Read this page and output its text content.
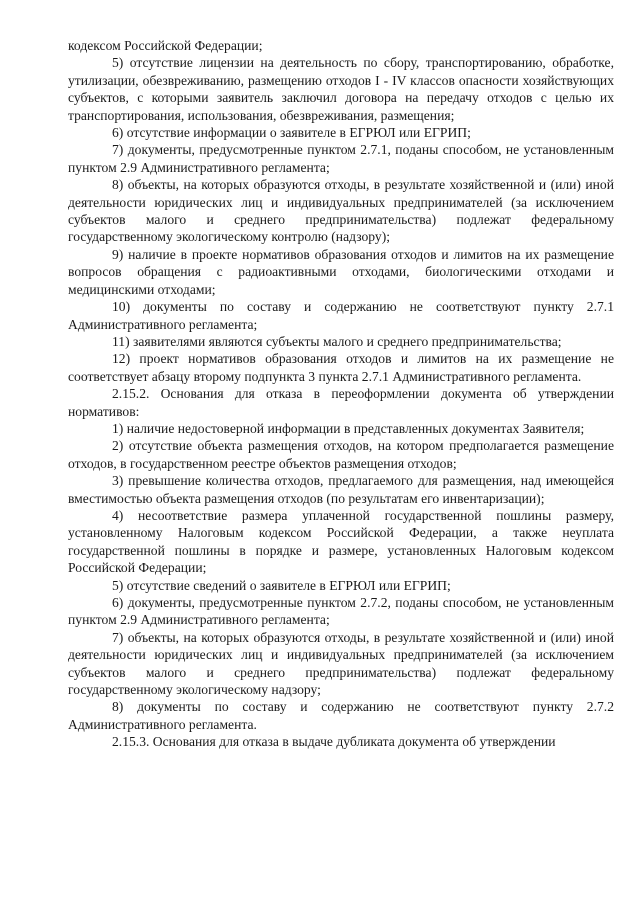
кодексом Российской Федерации;

5) отсутствие лицензии на деятельность по сбору, транспортированию, обработке, утилизации, обезвреживанию, размещению отходов I - IV классов опасности хозяйствующих субъектов, с которыми заявитель заключил договора на передачу отходов с целью их транспортирования, использования, обезвреживания, размещения;

6) отсутствие информации о заявителе в ЕГРЮЛ или ЕГРИП;

7) документы, предусмотренные пунктом 2.7.1, поданы способом, не установленным пунктом 2.9 Административного регламента;

8) объекты, на которых образуются отходы, в результате хозяйственной и (или) иной деятельности юридических лиц и индивидуальных предпринимателей (за исключением субъектов малого и среднего предпринимательства) подлежат федеральному государственному экологическому контролю (надзору);

9) наличие в проекте нормативов образования отходов и лимитов на их размещение вопросов обращения с радиоактивными отходами, биологическими отходами и медицинскими отходами;

10) документы по составу и содержанию не соответствуют пункту 2.7.1 Административного регламента;

11) заявителями являются субъекты малого и среднего предпринимательства;

12) проект нормативов образования отходов и лимитов на их размещение не соответствует абзацу второму подпункта 3 пункта 2.7.1 Административного регламента.

2.15.2. Основания для отказа в переоформлении документа об утверждении нормативов:

1) наличие недостоверной информации в представленных документах Заявителя;

2) отсутствие объекта размещения отходов, на котором предполагается размещение отходов, в государственном реестре объектов размещения отходов;

3) превышение количества отходов, предлагаемого для размещения, над имеющейся вместимостью объекта размещения отходов (по результатам его инвентаризации);

4) несоответствие размера уплаченной государственной пошлины размеру, установленному Налоговым кодексом Российской Федерации, а также неуплата государственной пошлины в порядке и размере, установленных Налоговым кодексом Российской Федерации;

5) отсутствие сведений о заявителе в ЕГРЮЛ или ЕГРИП;

6) документы, предусмотренные пунктом 2.7.2, поданы способом, не установленным пунктом 2.9 Административного регламента;

7) объекты, на которых образуются отходы, в результате хозяйственной и (или) иной деятельности юридических лиц и индивидуальных предпринимателей (за исключением субъектов малого и среднего предпринимательства) подлежат федеральному государственному экологическому надзору;

8) документы по составу и содержанию не соответствуют пункту 2.7.2 Административного регламента.

2.15.3. Основания для отказа в выдаче дубликата документа об утверждении
